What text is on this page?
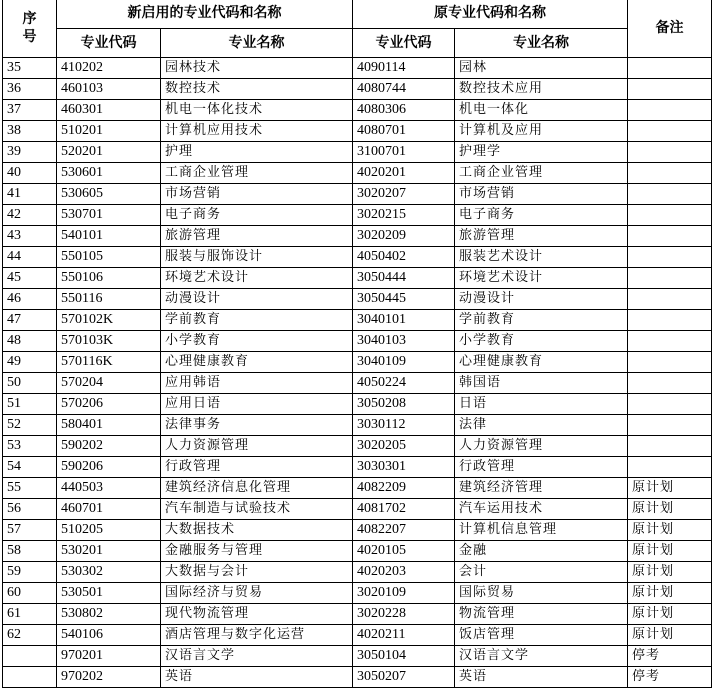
序号	新启用的专业代码和名称		原专业代码和名称		备注
	专业代码	专业名称	专业代码	专业名称	
35	410202	园林技术	4090114	园林	
36	460103	数控技术	4080744	数控技术应用	
37	460301	机电一体化技术	4080306	机电一体化	
38	510201	计算机应用技术	4080701	计算机及应用	
39	520201	护理	3100701	护理学	
40	530601	工商企业管理	4020201	工商企业管理	
41	530605	市场营销	3020207	市场营销	
42	530701	电子商务	3020215	电子商务	
43	540101	旅游管理	3020209	旅游管理	
44	550105	服装与服饰设计	4050402	服装艺术设计	
45	550106	环境艺术设计	3050444	环境艺术设计	
46	550116	动漫设计	3050445	动漫设计	
47	570102K	学前教育	3040101	学前教育	
48	570103K	小学教育	3040103	小学教育	
49	570116K	心理健康教育	3040109	心理健康教育	
50	570204	应用韩语	4050224	韩国语	
51	570206	应用日语	3050208	日语	
52	580401	法律事务	3030112	法律	
53	590202	人力资源管理	3020205	人力资源管理	
54	590206	行政管理	3030301	行政管理	
55	440503	建筑经济信息化管理	4082209	建筑经济管理	原计划
56	460701	汽车制造与试验技术	4081702	汽车运用技术	原计划
57	510205	大数据技术	4082207	计算机信息管理	原计划
58	530201	金融服务与管理	4020105	金融	原计划
59	530302	大数据与会计	4020203	会计	原计划
60	530501	国际经济与贸易	3020109	国际贸易	原计划
61	530802	现代物流管理	3020228	物流管理	原计划
62	540106	酒店管理与数字化运营	4020211	饭店管理	原计划
	970201	汉语言文学	3050104	汉语言文学	停考
	970202	英语	3050207	英语	停考
